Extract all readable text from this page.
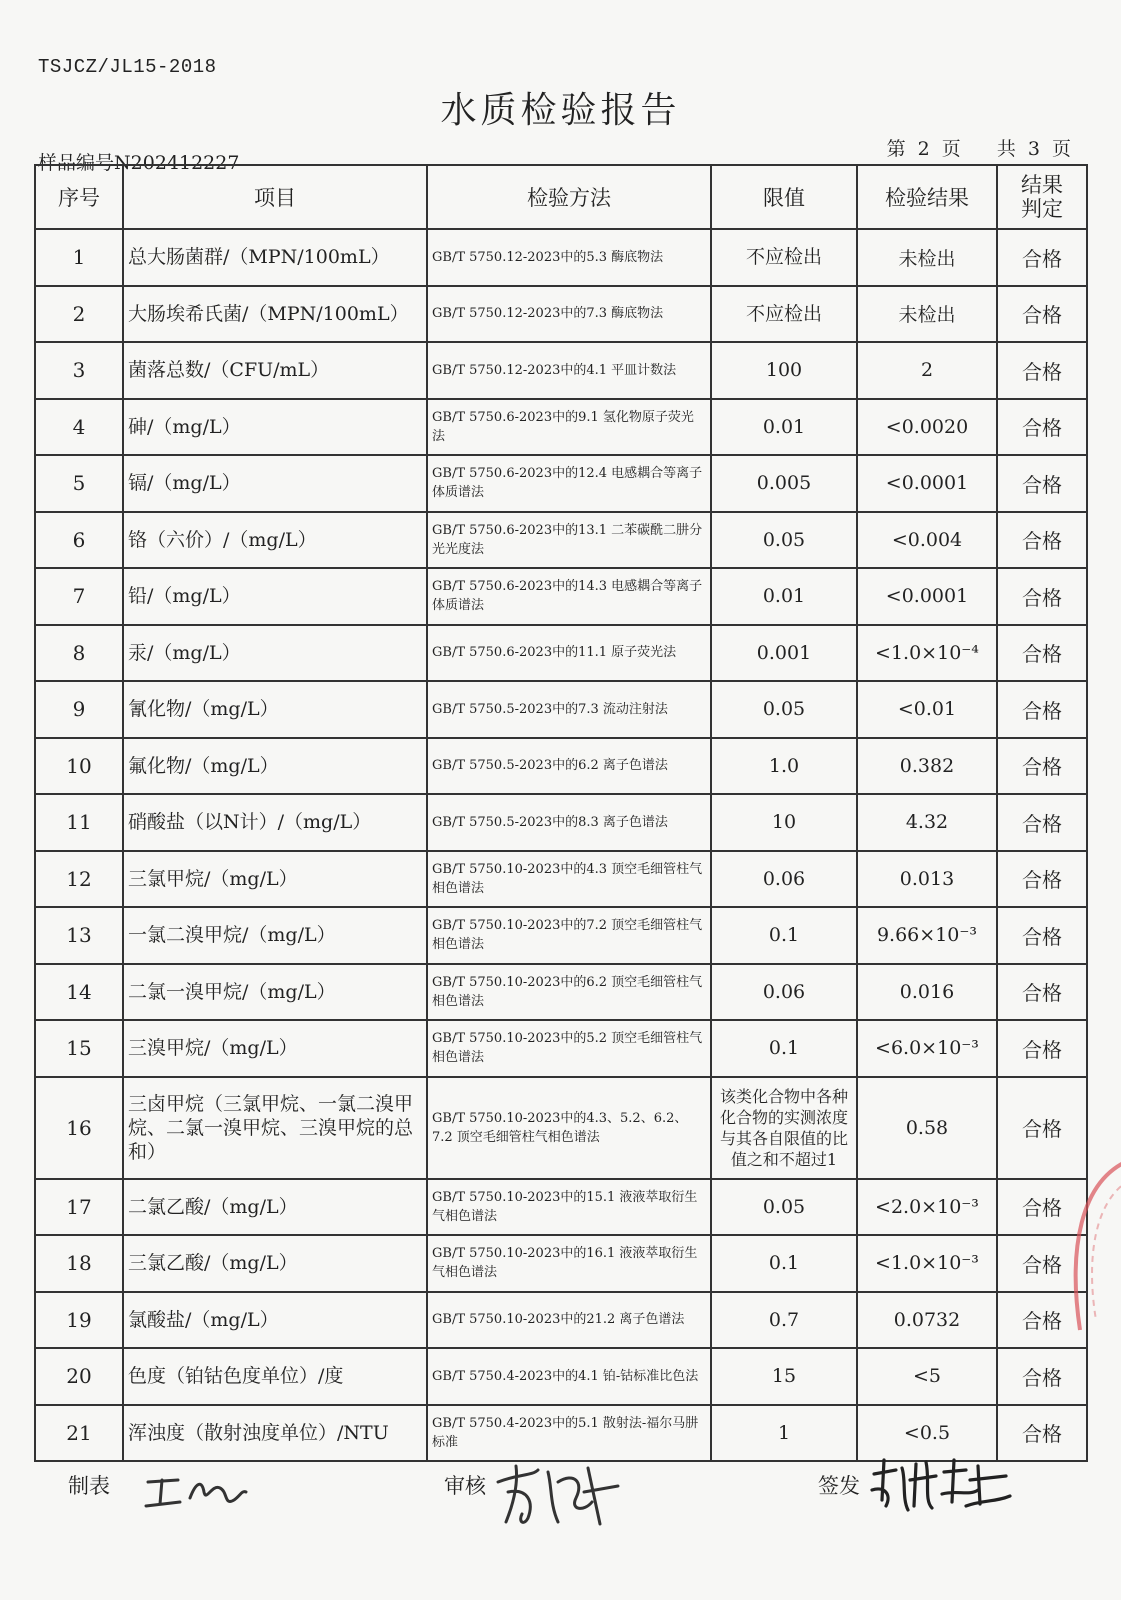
TSJCZ/JL15-2018
水质检验报告
样品编号N202412227
第 2 页   共 3 页
序号	项目	检验方法	限值	检验结果	结果
判定
1	总大肠菌群/（MPN/100mL）	GB/T 5750.12-2023中的5.3 酶底物法	不应检出	未检出	合格
2	大肠埃希氏菌/（MPN/100mL）	GB/T 5750.12-2023中的7.3 酶底物法	不应检出	未检出	合格
3	菌落总数/（CFU/mL）	GB/T 5750.12-2023中的4.1 平皿计数法	100	2	合格
4	砷/（mg/L）	GB/T 5750.6-2023中的9.1 氢化物原子荧光法	0.01	<0.0020	合格
5	镉/（mg/L）	GB/T 5750.6-2023中的12.4 电感耦合等离子体质谱法	0.005	<0.0001	合格
6	铬（六价）/（mg/L）	GB/T 5750.6-2023中的13.1 二苯碳酰二肼分光光度法	0.05	<0.004	合格
7	铅/（mg/L）	GB/T 5750.6-2023中的14.3 电感耦合等离子体质谱法	0.01	<0.0001	合格
8	汞/（mg/L）	GB/T 5750.6-2023中的11.1 原子荧光法	0.001	<1.0×10⁻⁴	合格
9	氰化物/（mg/L）	GB/T 5750.5-2023中的7.3 流动注射法	0.05	<0.01	合格
10	氟化物/（mg/L）	GB/T 5750.5-2023中的6.2 离子色谱法	1.0	0.382	合格
11	硝酸盐（以N计）/（mg/L）	GB/T 5750.5-2023中的8.3 离子色谱法	10	4.32	合格
12	三氯甲烷/（mg/L）	GB/T 5750.10-2023中的4.3 顶空毛细管柱气相色谱法	0.06	0.013	合格
13	一氯二溴甲烷/（mg/L）	GB/T 5750.10-2023中的7.2 顶空毛细管柱气相色谱法	0.1	9.66×10⁻³	合格
14	二氯一溴甲烷/（mg/L）	GB/T 5750.10-2023中的6.2 顶空毛细管柱气相色谱法	0.06	0.016	合格
15	三溴甲烷/（mg/L）	GB/T 5750.10-2023中的5.2 顶空毛细管柱气相色谱法	0.1	<6.0×10⁻³	合格
16	三卤甲烷（三氯甲烷、一氯二溴甲烷、二氯一溴甲烷、三溴甲烷的总和）	GB/T 5750.10-2023中的4.3、5.2、6.2、7.2 顶空毛细管柱气相色谱法	该类化合物中各种化合物的实测浓度与其各自限值的比值之和不超过1	0.58	合格
17	二氯乙酸/（mg/L）	GB/T 5750.10-2023中的15.1 液液萃取衍生气相色谱法	0.05	<2.0×10⁻³	合格
18	三氯乙酸/（mg/L）	GB/T 5750.10-2023中的16.1 液液萃取衍生气相色谱法	0.1	<1.0×10⁻³	合格
19	氯酸盐/（mg/L）	GB/T 5750.10-2023中的21.2 离子色谱法	0.7	0.0732	合格
20	色度（铂钴色度单位）/度	GB/T 5750.4-2023中的4.1 铂-钴标准比色法	15	<5	合格
21	浑浊度（散射浊度单位）/NTU	GB/T 5750.4-2023中的5.1 散射法-福尔马肼标准	1	<0.5	合格
制表	审核	签发
